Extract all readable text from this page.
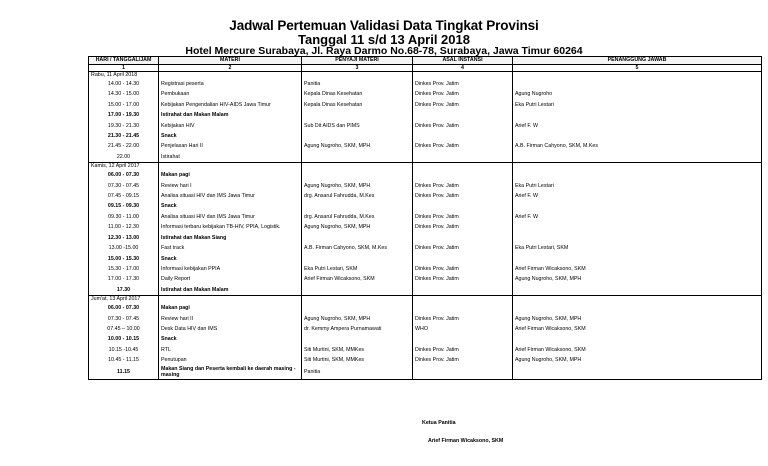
Jadwal Pertemuan Validasi Data Tingkat Provinsi
Tanggal 11 s/d 13 April 2018
Hotel Mercure Surabaya, Jl. Raya Darmo No.68-78, Surabaya, Jawa Timur 60264
HARI / TANGGAL/JAM	MATERI	PENYAJI MATERI	ASAL INSTANSI	PENANGGUNG JAWAB
1	2	3	4	5
Rabu, 11 April 2018				
14.00 - 14.30	Registrasi peserta	Panitia	Dinkes Prov. Jatim	
14.30 - 15.00	Pembukaan	Kepala Dinas Kesehatan	Dinkes Prov. Jatim	Agung Nugroho
15.00 - 17.00	Kebijakan Pengendalian HIV-AIDS Jawa Timur	Kepala Dinas Kesehatan	Dinkes Prov. Jatim	Eka Putri Lestari
17.00 - 19.30	Istirahat dan Makan Malam			
19.30 - 21.30	Kebijakan HIV	Sub Dit AIDS dan PIMS	Dinkes Prov. Jatim	Arief F. W
21.30 - 21.45	Snack			
21.45 - 22.00	Penjelasan Hari II	Agung Nugroho, SKM, MPH	Dinkes Prov. Jatim	A.B. Firman Cahyono, SKM, M.Kes
22.00	Istirahat			
Kamis, 12 April 2017				
06.00 - 07.30	Makan pagi			
07.30 - 07.45	Review hari I	Agung Nugroho, SKM, MPH	Dinkes Prov. Jatim	Eka Putri Lestari
07.45 - 09.15	Analisa situasi HIV dan IMS Jawa Timur	drg. Ansarul Fahrudda, M.Kes	Dinkes Prov. Jatim	Arief F. W
09.15 - 09.30	Snack			
09.30 - 11.00	Analisa situasi HIV dan IMS Jawa Timur	drg. Ansarul Fahrudda, M.Kes	Dinkes Prov. Jatim	Arief F. W
11.00 - 12.30	Informasi terbaru kebijakan TB-HIV, PPIA, Logistik.	Agung Nugroho, SKM, MPH	Dinkes Prov. Jatim	
12.30 - 13.00	Istirahat dan Makan Siang			
13.00 -15.00	Fast track	A.B. Firman Cahyono, SKM, M.Kes	Dinkes Prov. Jatim	Eka Putri Lestari, SKM
15.00 - 15.30	Snack			
15.30 - 17.00	Informasi kebijakan PPIA	Eka Putri Lestari, SKM	Dinkes Prov. Jatim	Arief Firman Wicaksono, SKM
17.00 - 17.30	Daily Report	Arief Firman Wicaksono, SKM	Dinkes Prov. Jatim	Agung Nugroho, SKM, MPH
17.30	Istirahat dan Makan Malam			
Jum'at, 13 April 2017				
06.00 - 07.30	Makan pagi			
07.30 - 07.45	Review hari II	Agung Nugroho, SKM, MPH	Dinkes Prov. Jatim	Agung Nugroho, SKM, MPH
07.45 – 10.00	Desk Data HIV dan IMS	dr. Kemmy Ampera Purnamawati	WHO	Arief Firman Wicaksono, SKM
10.00 - 10.15	Snack			
10.15 -10.45	RTL	Siti Murtini, SKM, MMKes	Dinkes Prov. Jatim	Arief Firman Wicaksono, SKM
10.45 - 11.15	Penutupan	Siti Murtini, SKM, MMKes	Dinkes Prov. Jatim	Agung Nugroho, SKM, MPH
11.15	Makan Siang dan Peserta kembali ke daerah masing - masing	Panitia		
Ketua Panitia
Arief Firman Wicaksono, SKM
